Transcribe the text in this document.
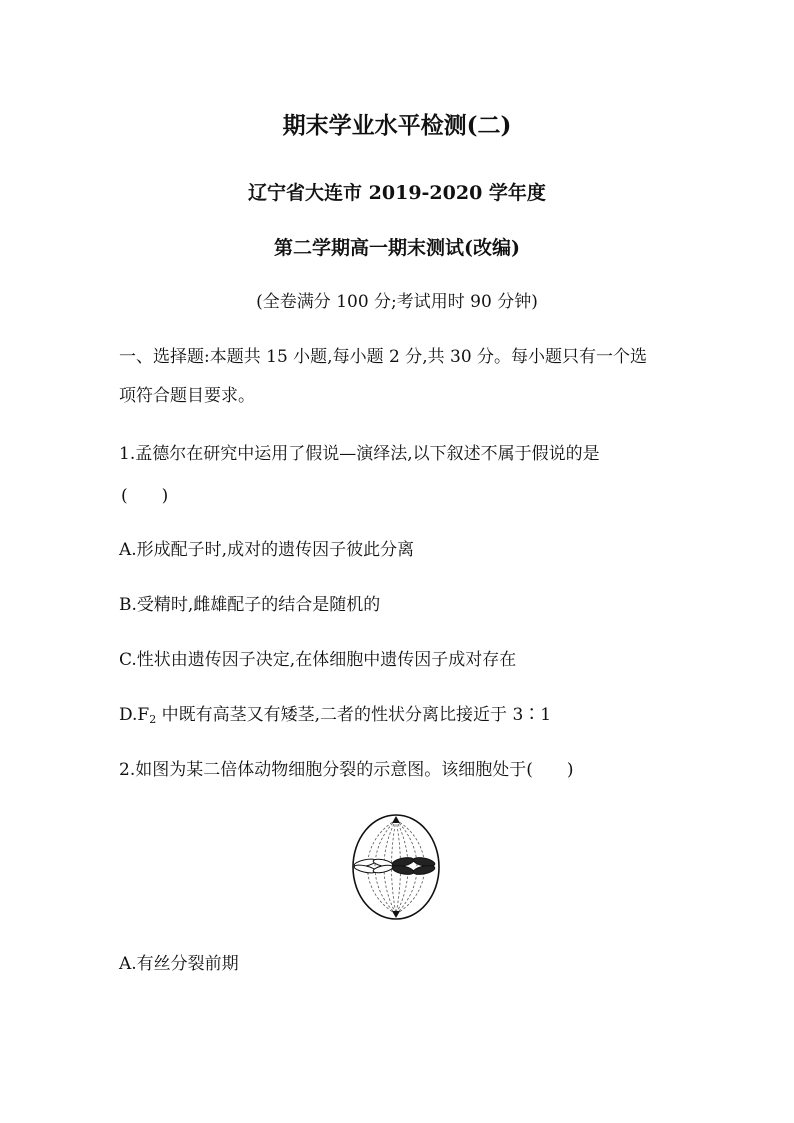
期末学业水平检测(二)
辽宁省大连市 2019-2020 学年度
第二学期高一期末测试(改编)
(全卷满分 100 分;考试用时 90 分钟)
一、选择题:本题共 15 小题,每小题 2 分,共 30 分。每小题只有一个选
项符合题目要求。
1.孟德尔在研究中运用了假说—演绎法,以下叙述不属于假说的是
(　　)
A.形成配子时,成对的遗传因子彼此分离
B.受精时,雌雄配子的结合是随机的
C.性状由遗传因子决定,在体细胞中遗传因子成对存在
$D.F_2$ 中既有高茎又有矮茎,二者的性状分离比接近于 3∶1
2.如图为某二倍体动物细胞分裂的示意图。该细胞处于(　　)
A.有丝分裂前期
